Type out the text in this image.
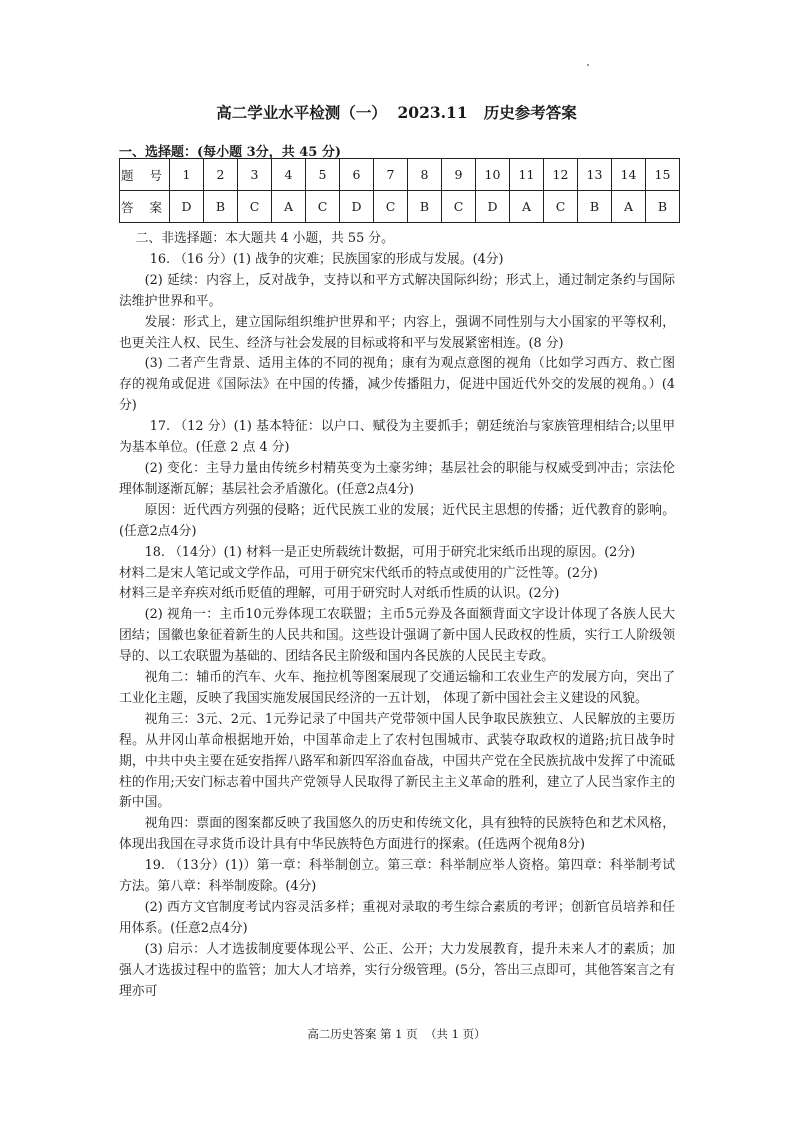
高二学业水平检测（一）  2023.11   历史参考答案
一、选择题：(每小题 3分，共 45 分)
题 号	1	2	3	4	5	6	7	8	9	10	11	12	13	14	15
答 案	D	B	C	A	C	D	C	B	C	D	A	C	B	A	B

二、非选择题：本大题共 4 小题，共 55 分。

16. （16 分）(1) 战争的灾难；民族国家的形成与发展。(4分)

(2) 延续：内容上，反对战争，支持以和平方式解决国际纠纷；形式上，通过制定条约与国际法维护世界和平。

发展：形式上，建立国际组织维护世界和平；内容上，强调不同性别与大小国家的平等权利，也更关注人权、民生、经济与社会发展的目标或将和平与发展紧密相连。(8 分)

(3) 二者产生背景、适用主体的不同的视角；康有为观点意图的视角（比如学习西方、救亡图存的视角或促进《国际法》在中国的传播，减少传播阻力，促进中国近代外交的发展的视角。）(4 分)

17. （12 分）(1) 基本特征：以户口、赋役为主要抓手；朝廷统治与家族管理相结合;以里甲为基本单位。(任意 2 点 4 分)

(2) 变化：主导力量由传统乡村精英变为土豪劣绅；基层社会的职能与权威受到冲击；宗法伦理体制逐渐瓦解；基层社会矛盾激化。(任意2点4分)

原因：近代西方列强的侵略；近代民族工业的发展；近代民主思想的传播；近代教育的影响。(任意2点4分)

18. （14分）(1) 材料一是正史所载统计数据，可用于研究北宋纸币出现的原因。(2分)

材料二是宋人笔记或文学作品，可用于研究宋代纸币的特点或使用的广泛性等。(2分)

材料三是辛弃疾对纸币贬值的理解，可用于研究时人对纸币性质的认识。(2分)

(2) 视角一：主币10元券体现工农联盟；主币5元券及各面额背面文字设计体现了各族人民大团结；国徽也象征着新生的人民共和国。这些设计强调了新中国人民政权的性质，实行工人阶级领导的、以工农联盟为基础的、团结各民主阶级和国内各民族的人民民主专政。

视角二：辅币的汽车、火车、拖拉机等图案展现了交通运输和工农业生产的发展方向，突出了工业化主题，反映了我国实施发展国民经济的一五计划， 体现了新中国社会主义建设的风貌。

视角三：3元、2元、1元券记录了中国共产党带领中国人民争取民族独立、人民解放的主要历程。从井冈山革命根据地开始，中国革命走上了农村包围城市、武装夺取政权的道路;抗日战争时期，中共中央主要在延安指挥八路军和新四军浴血奋战，中国共产党在全民族抗战中发挥了中流砥柱的作用;天安门标志着中国共产党领导人民取得了新民主主义革命的胜利，建立了人民当家作主的新中国。

视角四：票面的图案都反映了我国悠久的历史和传统文化，具有独特的民族特色和艺术风格，体现出我国在寻求货币设计具有中华民族特色方面进行的探索。(任选两个视角8分)

19. （13分）(1)）第一章：科举制创立。第三章：科举制应举人资格。第四章：科举制考试方法。第八章：科举制废除。(4分)

(2) 西方文官制度考试内容灵活多样；重视对录取的考生综合素质的考评；创新官员培养和任用体系。(任意2点4分)

(3) 启示：人才选拔制度要体现公平、公正、公开；大力发展教育，提升未来人才的素质；加强人才选拔过程中的监管；加大人才培养，实行分级管理。(5分，答出三点即可，其他答案言之有理亦可

高二历史答案 第 1 页  （共 1 页）
